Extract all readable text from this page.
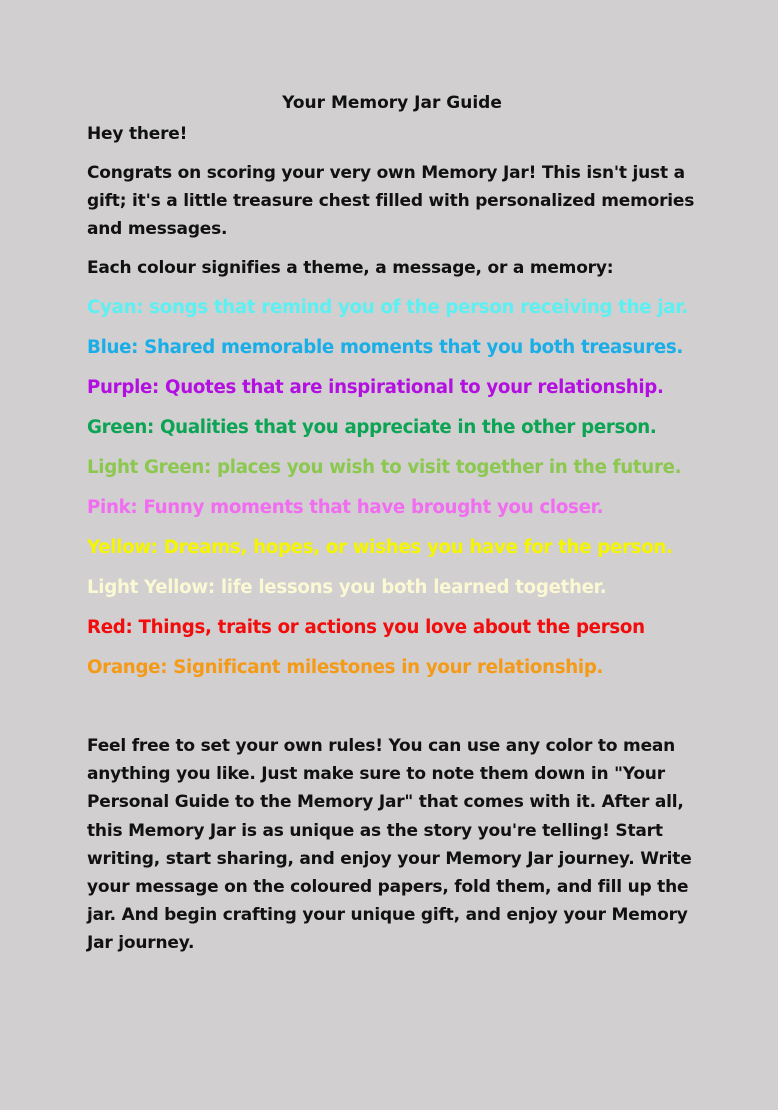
Your Memory Jar Guide

Hey there!

Congrats on scoring your very own Memory Jar! This isn't just a gift; it's a little treasure chest filled with personalized memories and messages.

Each colour signifies a theme, a message, or a memory:

Cyan: songs that remind you of the person receiving the jar.
Blue: Shared memorable moments that you both treasures.
Purple: Quotes that are inspirational to your relationship.
Green: Qualities that you appreciate in the other person.
Light Green: places you wish to visit together in the future.
Pink: Funny moments that have brought you closer.
Yellow: Dreams, hopes, or wishes you have for the person.
Light Yellow: life lessons you both learned together.
Red: Things, traits or actions you love about the person
Orange: Significant milestones in your relationship.

Feel free to set your own rules! You can use any color to mean anything you like. Just make sure to note them down in "Your Personal Guide to the Memory Jar" that comes with it. After all, this Memory Jar is as unique as the story you're telling! Start writing, start sharing, and enjoy your Memory Jar journey. Write your message on the coloured papers, fold them, and fill up the jar. And begin crafting your unique gift, and enjoy your Memory Jar journey.
